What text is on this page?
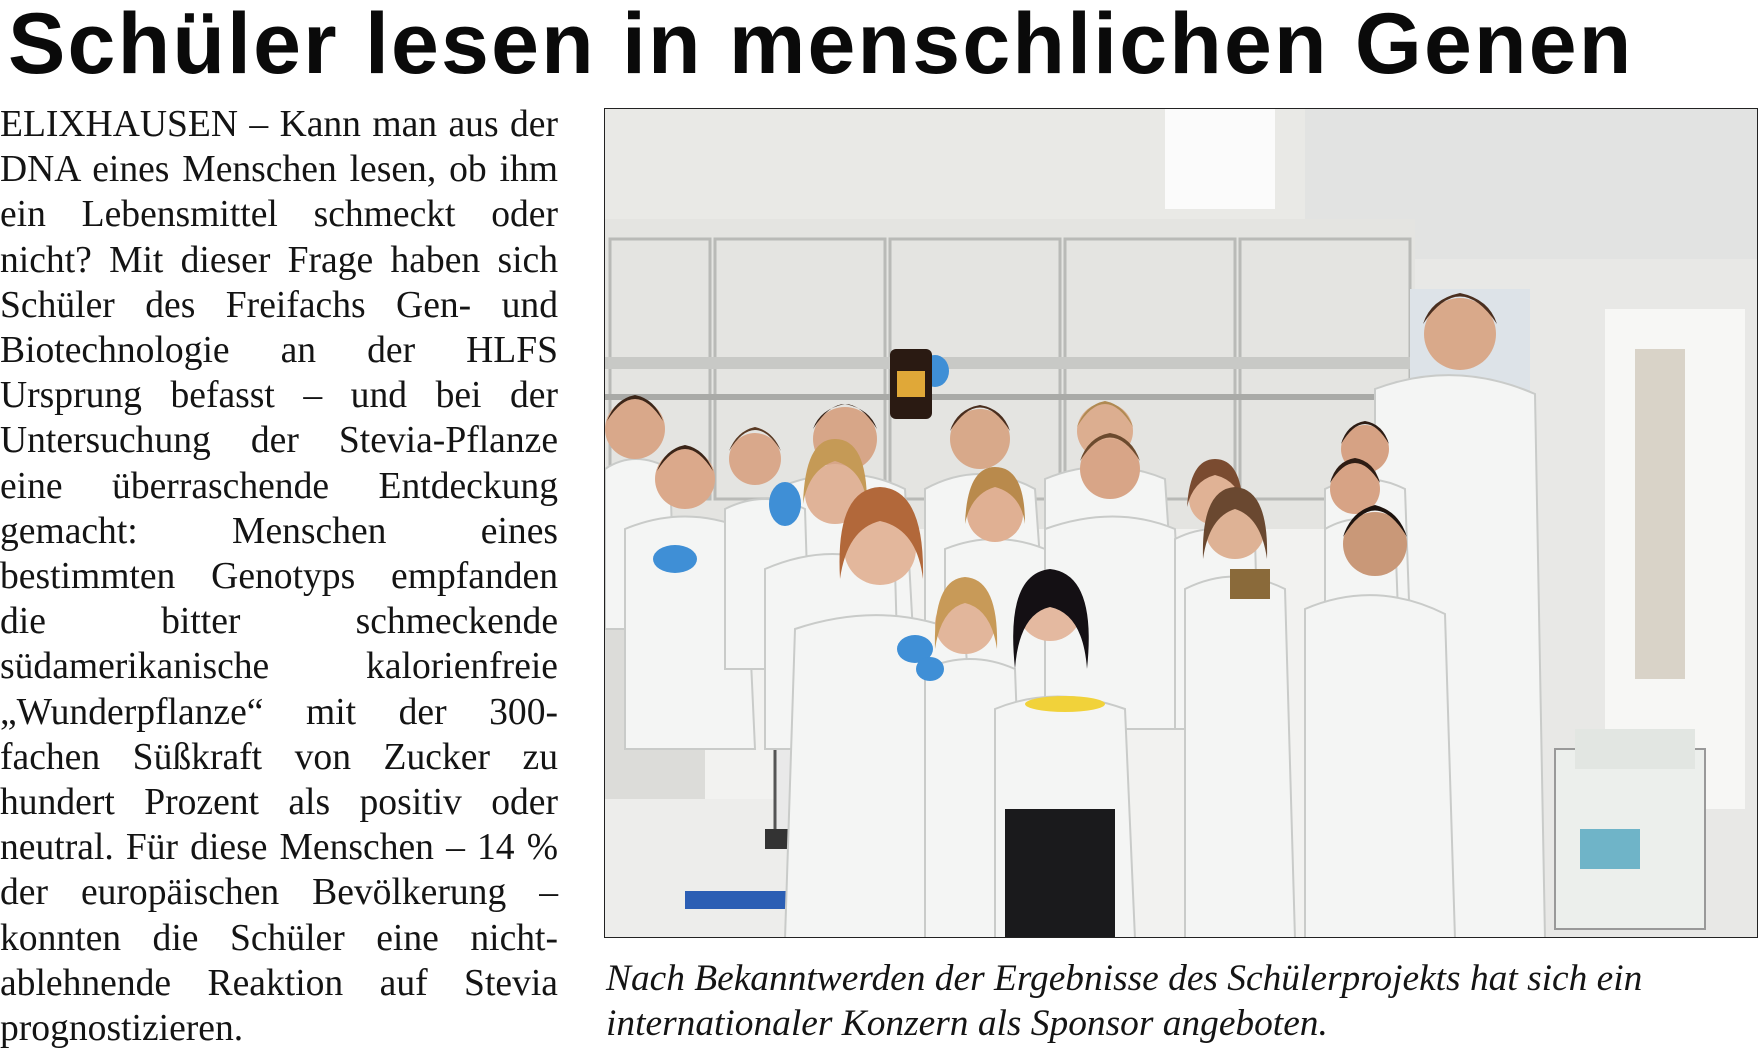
Schüler lesen in menschlichen Genen

ELIXHAUSEN – Kann man aus der DNA eines Menschen lesen, ob ihm ein Lebensmittel schmeckt oder nicht? Mit dieser Frage haben sich Schüler des Freifachs Gen- und Biotechnologie an der HLFS Ursprung befasst – und bei der Untersuchung der Stevia-Pflanze eine überraschende Entdeckung gemacht: Menschen eines bestimmten Genotyps empfanden die bitter schmeckende südamerikanische kalorienfreie „Wunderpflanze“ mit der 300-fachen Süßkraft von Zucker zu hundert Prozent als positiv oder neutral. Für diese Menschen – 14 % der europäischen Bevölkerung – konnten die Schüler eine nicht-ablehnende Reaktion auf Stevia prognostizieren.

Nach Bekanntwerden der Ergebnisse des Schülerprojekts hat sich ein
internationaler Konzern als Sponsor angeboten.
